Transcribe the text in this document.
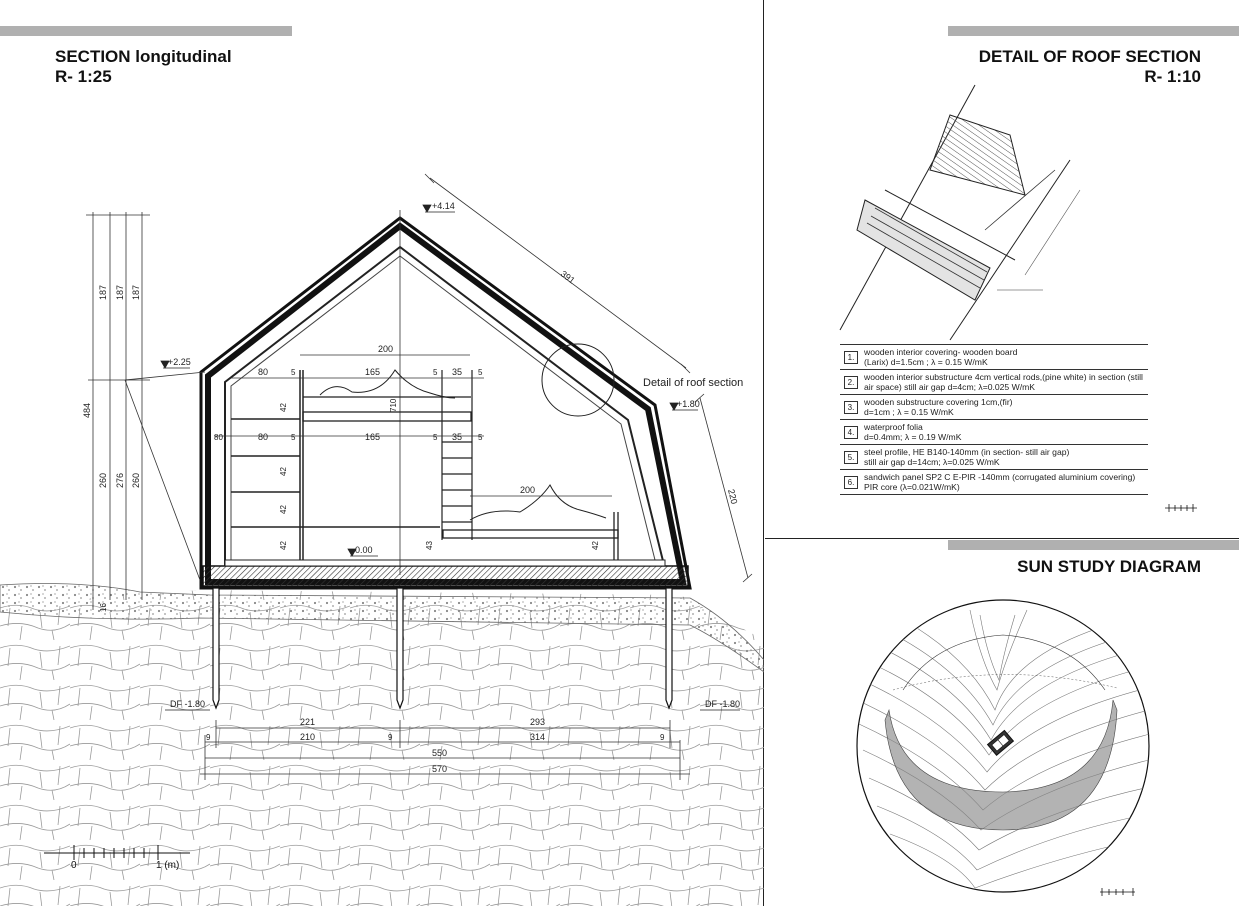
SECTION longitudinal
R- 1:25
Detail of roof section
391
220
+4.14
+2.25
+1.80
0.00
DF -1.80	DF -1.80
187 187 187
484
260 276 260
16
200
80	5	165	5 35 5
80	80	5	165	5 35 5
200
710
42
42
42
42	42
43
221	293
9	210	9	314	9
550
570
0	1 (m)
DETAIL OF ROOF SECTION
R- 1:10
1.	wooden interior covering- wooden board
(Larix) d=1.5cm ; λ = 0.15 W/mK
2.	wooden interior substructure 4cm vertical rods,(pine white) in section (still
air space) still air gap d=4cm; λ=0.025 W/mK
3.	wooden substructure covering 1cm,(fir)
d=1cm ; λ = 0.15 W/mK
4.	waterproof folia
d=0.4mm; λ = 0.19 W/mK
5.	steel profile, HE B140-140mm (in section- still air gap)
still air gap d=14cm; λ=0.025 W/mK
6.	sandwich panel SP2 C E-PIR -140mm (corrugated aluminium covering)
PIR core (λ=0.021W/mK)
SUN STUDY DIAGRAM
